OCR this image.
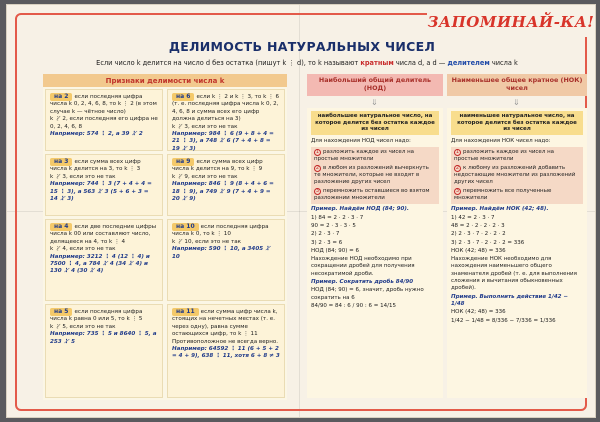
ЗАПОМИНАЙ-КА!
ДЕЛИМОСТЬ НАТУРАЛЬНЫХ ЧИСЕЛ
Если число k делится на число d без остатка (пишут k ⋮ d), то k называют кратным числа d, а d — делителем числа k
Признаки делимости числа k

на 2 если последняя цифра числа k 0, 2, 4, 6, 8, то k ⋮ 2 (в этом случае k — чётное число)

k ⋮̸ 2, если последняя его цифра не 0, 2, 4, 6, 8

Например: 574 ⋮ 2, а 39 ⋮̸ 2

на 6 если k ⋮ 2 и k ⋮ 3, то k ⋮ 6 (т. е. последняя цифра числа k 0, 2, 4, 6, 8 и сумма всех его цифр должна делиться на 3)

k ⋮̸ 3, если это не так

Например: 984 ⋮ 6 (9 + 8 + 4 = 21 ⋮ 3), а 748 ⋮̸ 6 (7 + 4 + 8 = 19 ⋮̸ 3)

на 3 если сумма всех цифр числа k делится на 3, то k ⋮ 3

k ⋮̸ 3, если это не так

Например: 744 ⋮ 3 (7 + 4 + 4 = 15 ⋮ 3), а 563 ⋮̸ 3 (5 + 6 + 3 = 14 ⋮̸ 3)

на 9 если сумма всех цифр числа k делится на 9, то k ⋮ 9

k ⋮̸ 9, если это не так

Например: 846 ⋮ 9 (8 + 4 + 6 = 18 ⋮ 9), а 749 ⋮̸ 9 (7 + 4 + 9 = 20 ⋮̸ 9)

на 4 если две последние цифры числа k 00 или составляют число, делящееся на 4, то k ⋮ 4

k ⋮̸ 4, если это не так

Например: 3212 ⋮ 4 (12 ⋮ 4) и 7500 ⋮ 4, а 784 ⋮̸ 4 (34 ⋮̸ 4) и 130 ⋮̸ 4 (30 ⋮̸ 4)

на 10 если последняя цифра числа k 0, то k ⋮ 10

k ⋮̸ 10, если это не так

Например: 590 ⋮ 10, а 3405 ⋮̸ 10

на 5 если последняя цифра числа k равна 0 или 5, то k ⋮ 5

k ⋮̸ 5, если это не так

Например: 735 ⋮ 5 и 8640 ⋮ 5, а 253 ⋮̸ 5

на 11 если сумма цифр числа k, стоящих на нечетных местах (т. е. через одну), равна сумме остающихся цифр, то k ⋮ 11

Противоположное не всегда верно.

Например: 64592 ⋮ 11 (6 + 5 + 2 = 4 + 9), 638 ⋮ 11, хотя 6 + 8 ≠ 3

Наибольший общий делитель (НОД)
Наименьшее общее кратное (НОК) чисел
⇓	⇓
наибольшее натуральное число, на которое делится без остатка каждое из чисел

Для нахождения НОД чисел надо:

1 разложить каждое из чисел на простые множители
2 в любом из разложений вычеркнуть те множители, которые не входят в разложение других чисел
3 перемножить оставшиеся во взятом разложении множители

Пример. Найдём НОД (84; 90).

1) 84 = 2 · 2 · 3 · 7

90 = 2 · 3 · 3 · 5

2) 2 · 3 · 7

3) 2 · 3 = 6

НОД (84; 90) = 6

Нахождение НОД необходимо при сокращении дробей для получения несократимой дроби.

Пример. Сократить дробь 84/90

НОД (84; 90) = 6, значит, дробь нужно сократить на 6

84/90 = 84 : 6 / 90 : 6 = 14/15

наименьшее натуральное число, на которое делится без остатка каждое из чисел

Для нахождения НОК чисел надо:

1 разложить каждое из чисел на простые множители
2 к любому из разложений добавить недостающие множители из разложений других чисел
3 перемножить все полученные множители

Пример. Найдём НОК (42; 48).

1) 42 = 2 · 3 · 7

48 = 2 · 2 · 2 · 2 · 3

2) 2 · 3 · 7 · 2 · 2 · 2

3) 2 · 3 · 7 · 2 · 2 · 2 = 336

НОК (42; 48) = 336

Нахождение НОК необходимо для нахождения наименьшего общего знаменателя дробей (т. е. для выполнения сложения и вычитания обыкновенных дробей).

Пример. Выполнить действие 1/42 − 1/48

НОК (42; 48) = 336

1/42 − 1/48 = 8/336 − 7/336 = 1/336
